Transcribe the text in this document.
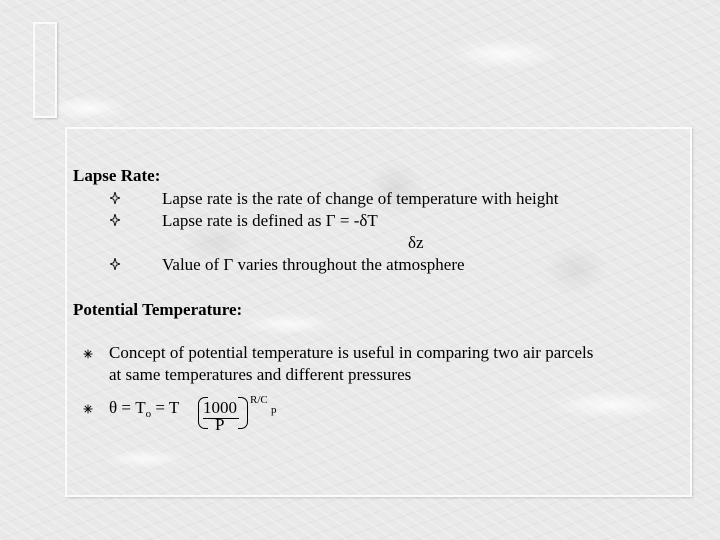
Lapse Rate:
Lapse rate is the rate of change of temperature with height
Lapse rate is defined as Γ = -δT
δz
Value of Γ varies throughout the atmosphere
Potential Temperature:
Concept of potential temperature is useful in comparing two air parcels
at same temperatures and different pressures
$\theta = T_o = T$ 1000
P
R/C
p
